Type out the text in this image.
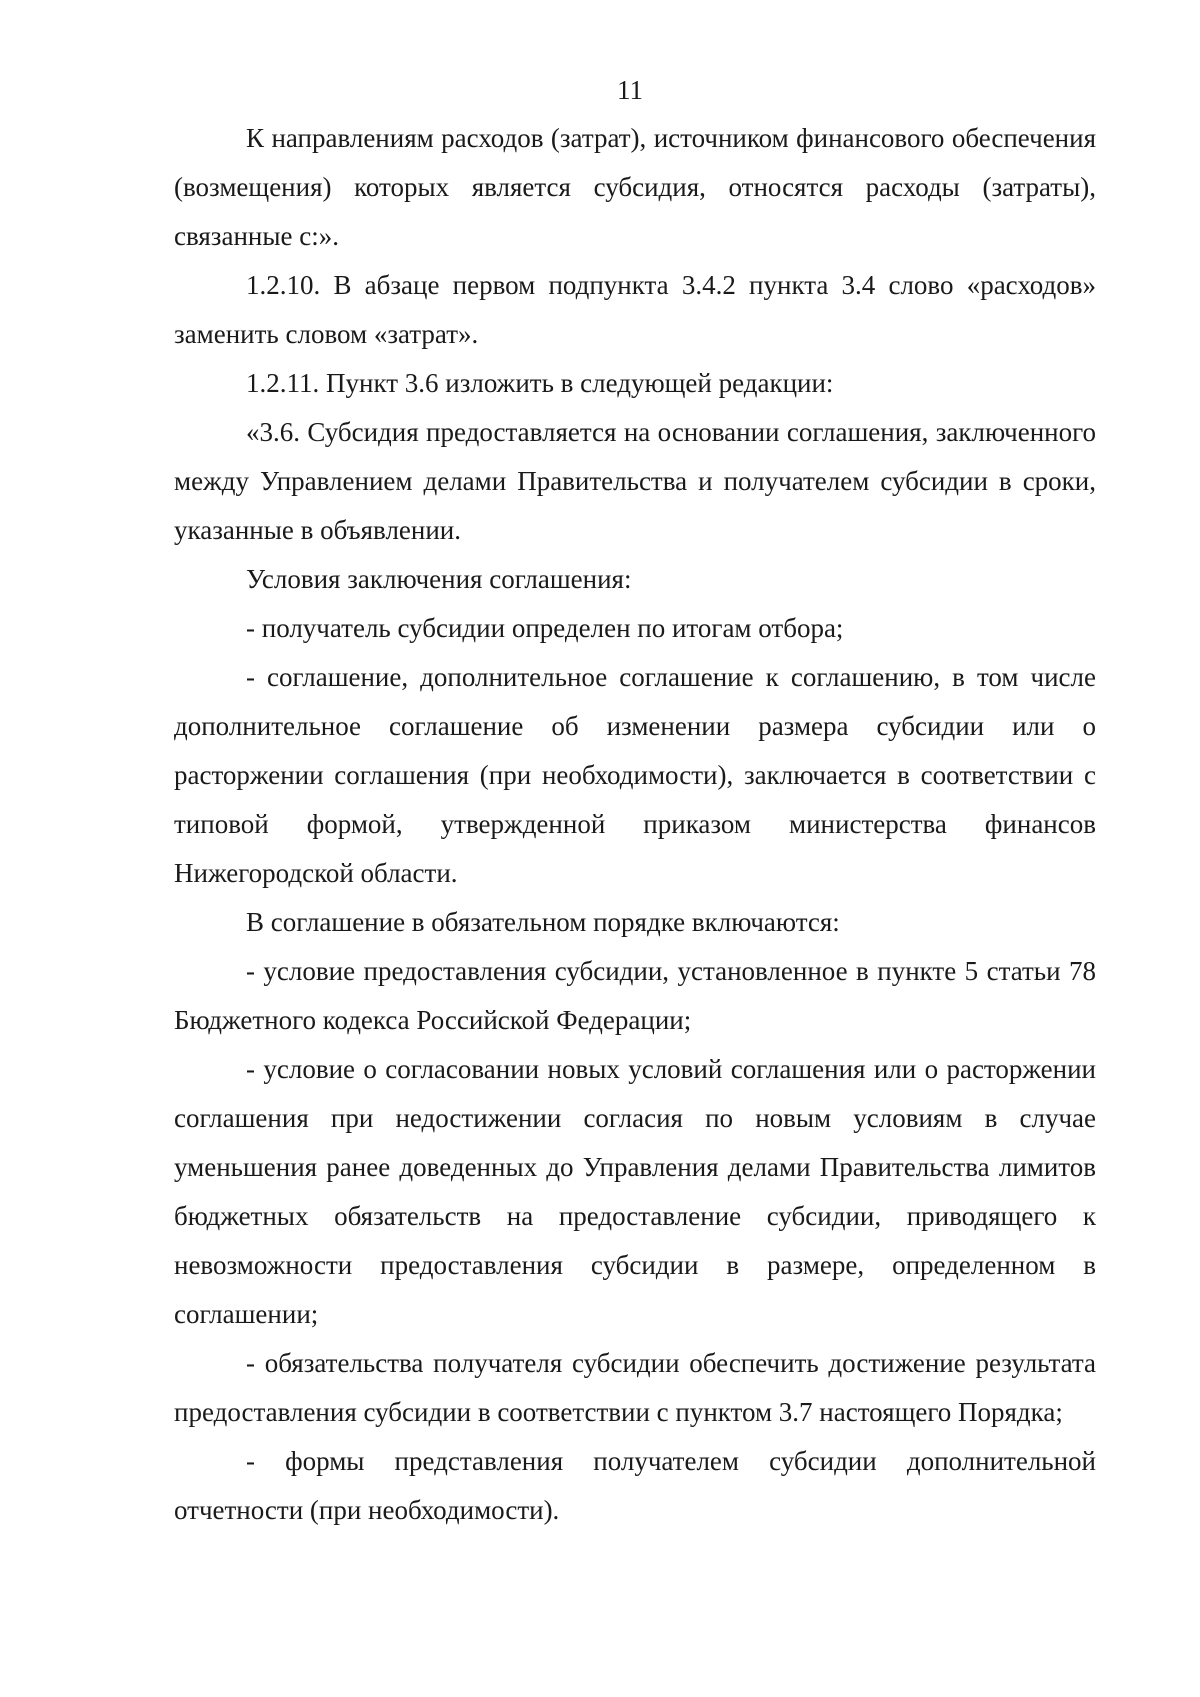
11

К направлениям расходов (затрат), источником финансового обеспечения (возмещения) которых является субсидия, относятся расходы (затраты), связанные с:».

1.2.10. В абзаце первом подпункта 3.4.2 пункта 3.4 слово «расходов» заменить словом «затрат».

1.2.11. Пункт 3.6 изложить в следующей редакции:

«3.6. Субсидия предоставляется на основании соглашения, заключенного между Управлением делами Правительства и получателем субсидии в сроки, указанные в объявлении.

Условия заключения соглашения:

- получатель субсидии определен по итогам отбора;

- соглашение, дополнительное соглашение к соглашению, в том числе дополнительное соглашение об изменении размера субсидии или о расторжении соглашения (при необходимости), заключается в соответствии с типовой формой, утвержденной приказом министерства финансов Нижегородской области.

В соглашение в обязательном порядке включаются:

- условие предоставления субсидии, установленное в пункте 5 статьи 78 Бюджетного кодекса Российской Федерации;

- условие о согласовании новых условий соглашения или о расторжении соглашения при недостижении согласия по новым условиям в случае уменьшения ранее доведенных до Управления делами Правительства лимитов бюджетных обязательств на предоставление субсидии, приводящего к невозможности предоставления субсидии в размере, определенном в соглашении;

- обязательства получателя субсидии обеспечить достижение результата предоставления субсидии в соответствии с пунктом 3.7 настоящего Порядка;

- формы представления получателем субсидии дополнительной отчетности (при необходимости).
